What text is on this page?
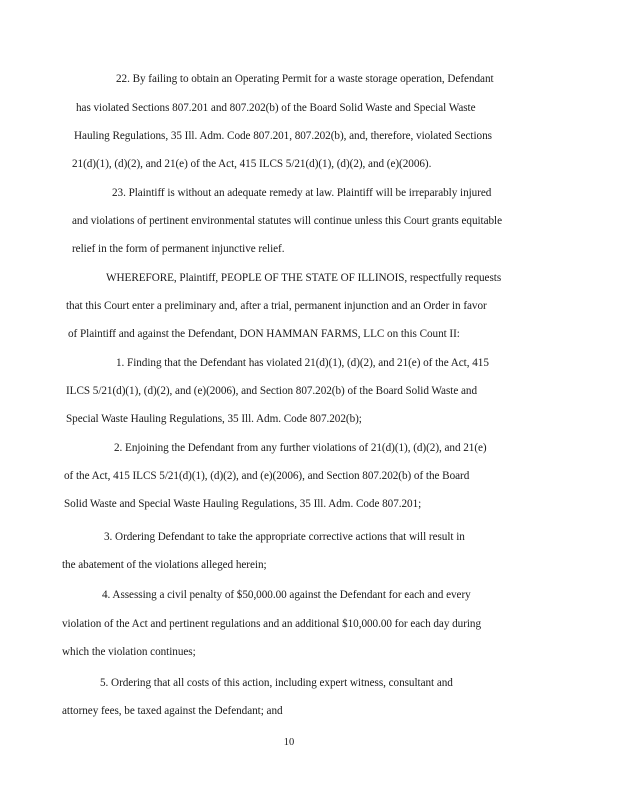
22. By failing to obtain an Operating Permit for a waste storage operation, Defendant
has violated Sections 807.201 and 807.202(b) of the Board Solid Waste and Special Waste
Hauling Regulations, 35 Ill. Adm. Code 807.201, 807.202(b), and, therefore, violated Sections
21(d)(1), (d)(2), and 21(e) of the Act, 415 ILCS 5/21(d)(1), (d)(2), and (e)(2006).
23. Plaintiff is without an adequate remedy at law. Plaintiff will be irreparably injured
and violations of pertinent environmental statutes will continue unless this Court grants equitable
relief in the form of permanent injunctive relief.
WHEREFORE, Plaintiff, PEOPLE OF THE STATE OF ILLINOIS, respectfully requests
that this Court enter a preliminary and, after a trial, permanent injunction and an Order in favor
of Plaintiff and against the Defendant, DON HAMMAN FARMS, LLC on this Count II:
1. Finding that the Defendant has violated 21(d)(1), (d)(2), and 21(e) of the Act, 415
ILCS 5/21(d)(1), (d)(2), and (e)(2006), and Section 807.202(b) of the Board Solid Waste and
Special Waste Hauling Regulations, 35 Ill. Adm. Code 807.202(b);
2. Enjoining the Defendant from any further violations of 21(d)(1), (d)(2), and 21(e)
of the Act, 415 ILCS 5/21(d)(1), (d)(2), and (e)(2006), and Section 807.202(b) of the Board
Solid Waste and Special Waste Hauling Regulations, 35 Ill. Adm. Code 807.201;
3. Ordering Defendant to take the appropriate corrective actions that will result in
the abatement of the violations alleged herein;
4. Assessing a civil penalty of $50,000.00 against the Defendant for each and every
violation of the Act and pertinent regulations and an additional $10,000.00 for each day during
which the violation continues;
5. Ordering that all costs of this action, including expert witness, consultant and
attorney fees, be taxed against the Defendant; and
10
